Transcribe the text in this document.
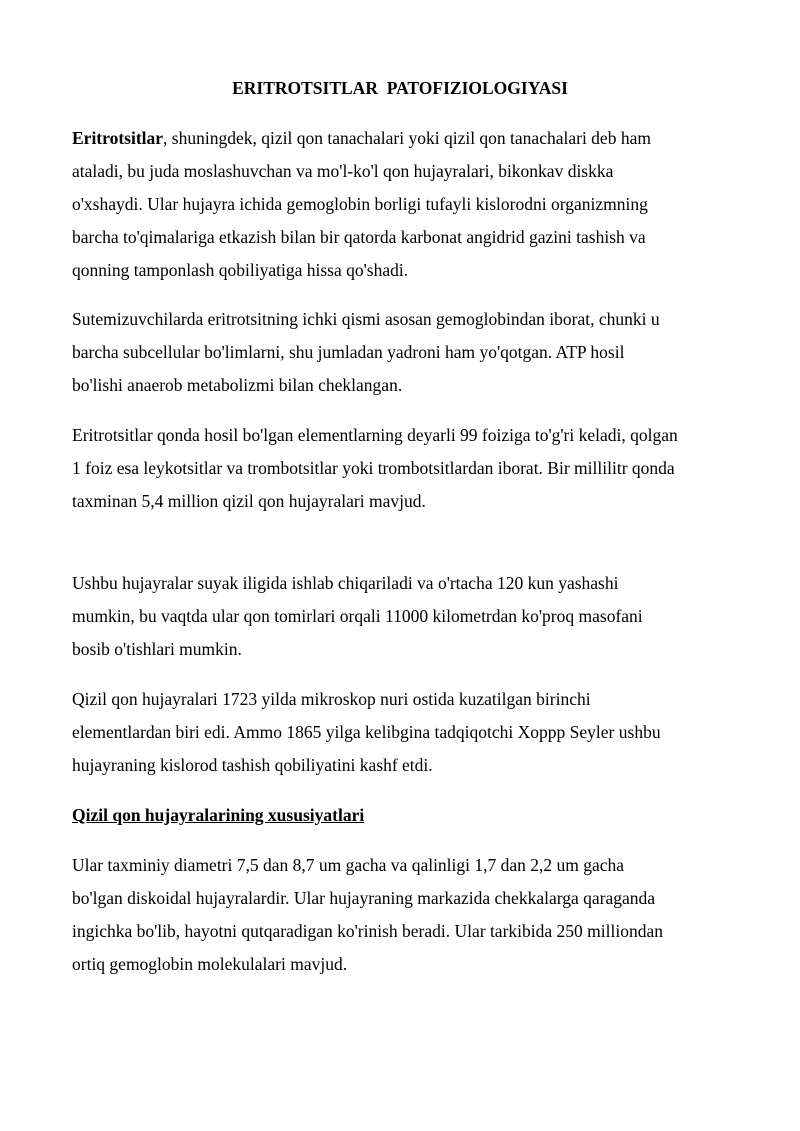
ERITROTSITLAR  PATOFIZIOLOGIYASI

Eritrotsitlar, shuningdek, qizil qon tanachalari yoki qizil qon tanachalari deb ham
ataladi, bu juda moslashuvchan va mo'l-ko'l qon hujayralari, bikonkav diskka
o'xshaydi. Ular hujayra ichida gemoglobin borligi tufayli kislorodni organizmning
barcha to'qimalariga etkazish bilan bir qatorda karbonat angidrid gazini tashish va
qonning tamponlash qobiliyatiga hissa qo'shadi.

Sutemizuvchilarda eritrotsitning ichki qismi asosan gemoglobindan iborat, chunki u
barcha subcellular bo'limlarni, shu jumladan yadroni ham yo'qotgan. ATP hosil
bo'lishi anaerob metabolizmi bilan cheklangan.

Eritrotsitlar qonda hosil bo'lgan elementlarning deyarli 99 foiziga to'g'ri keladi, qolgan
1 foiz esa leykotsitlar va trombotsitlar yoki trombotsitlardan iborat. Bir millilitr qonda
taxminan 5,4 million qizil qon hujayralari mavjud.

Ushbu hujayralar suyak iligida ishlab chiqariladi va o'rtacha 120 kun yashashi
mumkin, bu vaqtda ular qon tomirlari orqali 11000 kilometrdan ko'proq masofani
bosib o'tishlari mumkin.

Qizil qon hujayralari 1723 yilda mikroskop nuri ostida kuzatilgan birinchi
elementlardan biri edi. Ammo 1865 yilga kelibgina tadqiqotchi Xoppp Seyler ushbu
hujayraning kislorod tashish qobiliyatini kashf etdi.

Qizil qon hujayralarining xususiyatlari

Ular taxminiy diametri 7,5 dan 8,7 um gacha va qalinligi 1,7 dan 2,2 um gacha
bo'lgan diskoidal hujayralardir. Ular hujayraning markazida chekkalarga qaraganda
ingichka bo'lib, hayotni qutqaradigan ko'rinish beradi. Ular tarkibida 250 milliondan
ortiq gemoglobin molekulalari mavjud.
